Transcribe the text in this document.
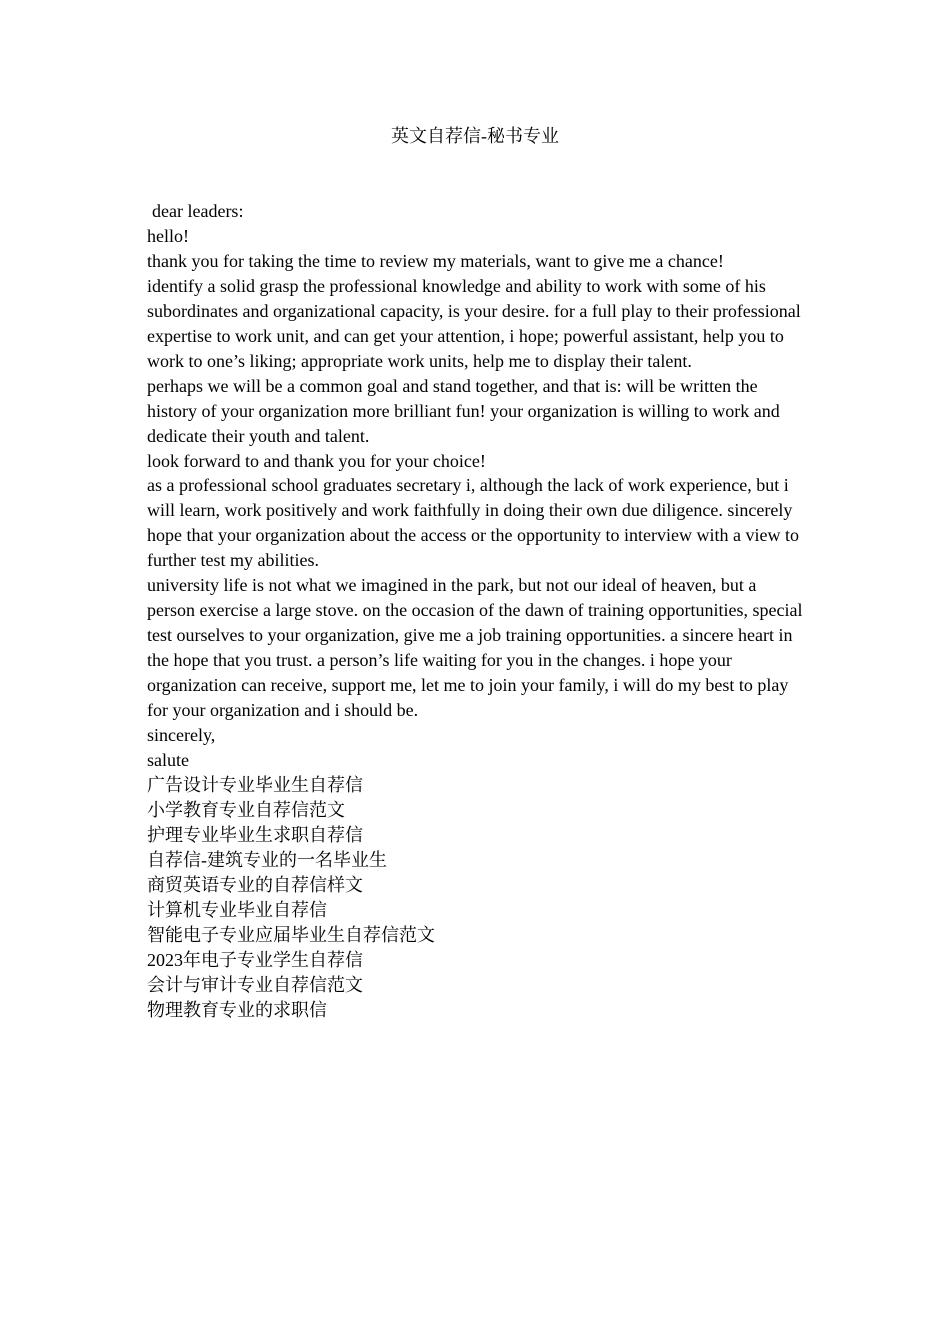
英文自荐信-秘书专业

dear leaders:

hello!

thank you for taking the time to review my materials, want to give me a chance!

identify a solid grasp the professional knowledge and ability to work with some of his subordinates and organizational capacity, is your desire. for a full play to their professional expertise to work unit, and can get your attention, i hope; powerful assistant, help you to work to one’s liking; appropriate work units, help me to display their talent.

perhaps we will be a common goal and stand together, and that is: will be written the history of your organization more brilliant fun! your organization is willing to work and dedicate their youth and talent.

look forward to and thank you for your choice!

as a professional school graduates secretary i, although the lack of work experience, but i will learn, work positively and work faithfully in doing their own due diligence. sincerely hope that your organization about the access or the opportunity to interview with a view to further test my abilities.

university life is not what we imagined in the park, but not our ideal of heaven, but a person exercise a large stove. on the occasion of the dawn of training opportunities, special test ourselves to your organization, give me a job training opportunities. a sincere heart in the hope that you trust. a person’s life waiting for you in the changes. i hope your organization can receive, support me, let me to join your family, i will do my best to play for your organization and i should be.

sincerely,

salute

广告设计专业毕业生自荐信
小学教育专业自荐信范文
护理专业毕业生求职自荐信
自荐信-建筑专业的一名毕业生
商贸英语专业的自荐信样文
计算机专业毕业自荐信
智能电子专业应届毕业生自荐信范文
2023年电子专业学生自荐信
会计与审计专业自荐信范文
物理教育专业的求职信
